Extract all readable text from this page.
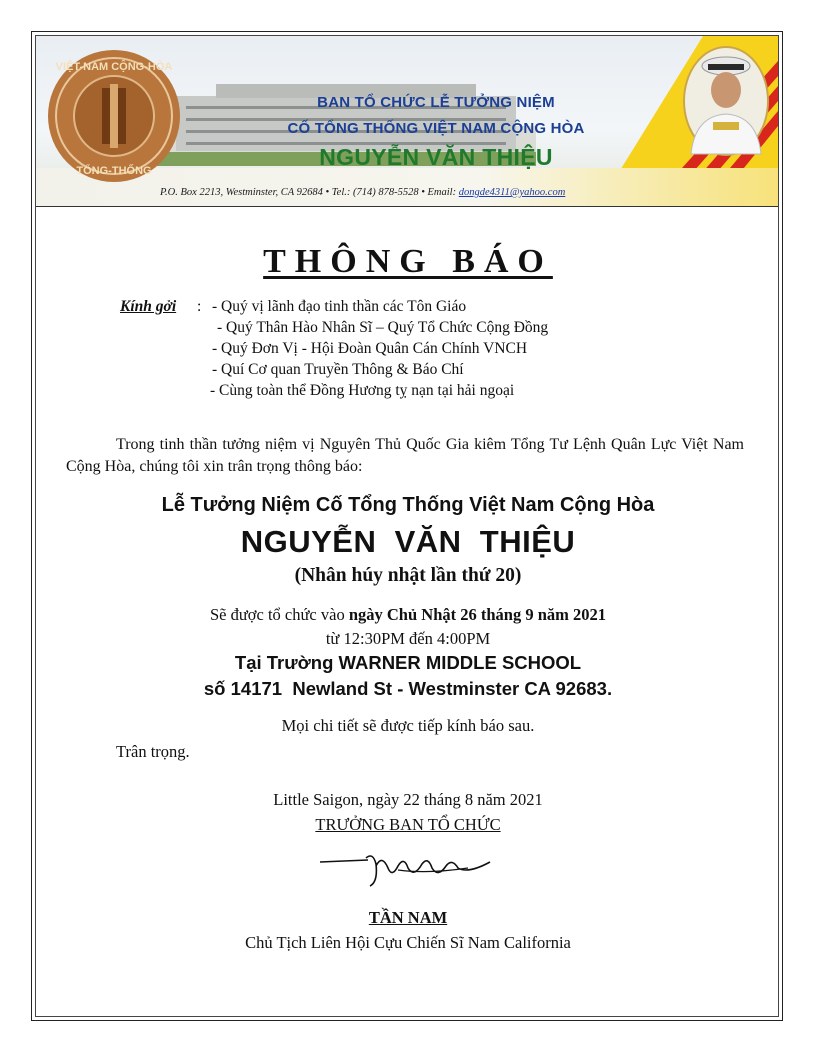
VIỆT-NAM CỘNG-HÒA
TỔNG-THỐNG
BAN TỔ CHỨC LỄ TƯỞNG NIỆM
CỐ TỔNG THỐNG VIỆT NAM CỘNG HÒA
NGUYỄN VĂN THIỆU
P.O. Box 2213, Westminster, CA 92684 • Tel.: (714) 878-5528 • Email: dongde4311@yahoo.com
THÔNG BÁO
Kính gởi : - Quý vị lãnh đạo tinh thần các Tôn Giáo
- Quý Thân Hào Nhân Sĩ – Quý Tổ Chức Cộng Đồng
- Quý Đơn Vị - Hội Đoàn Quân Cán Chính VNCH
- Quí Cơ quan Truyền Thông & Báo Chí
- Cùng toàn thể Đồng Hương tỵ nạn tại hải ngoại
Trong tinh thần tưởng niệm vị Nguyên Thủ Quốc Gia kiêm Tổng Tư Lệnh Quân Lực Việt Nam Cộng Hòa, chúng tôi xin trân trọng thông báo:
Lễ Tưởng Niệm Cố Tổng Thống Việt Nam Cộng Hòa
NGUYỄN  VĂN  THIỆU
(Nhân húy nhật lần thứ 20)
Sẽ được tổ chức vào ngày Chủ Nhật 26 tháng 9 năm 2021
từ 12:30PM đến 4:00PM
Tại Trường WARNER MIDDLE SCHOOL
số 14171  Newland St - Westminster CA 92683.
Mọi chi tiết sẽ được tiếp kính báo sau.
Trân trọng.
Little Saigon, ngày 22 tháng 8 năm 2021
TRƯỞNG BAN TỔ CHỨC
TẦN NAM
Chủ Tịch Liên Hội Cựu Chiến Sĩ Nam California
